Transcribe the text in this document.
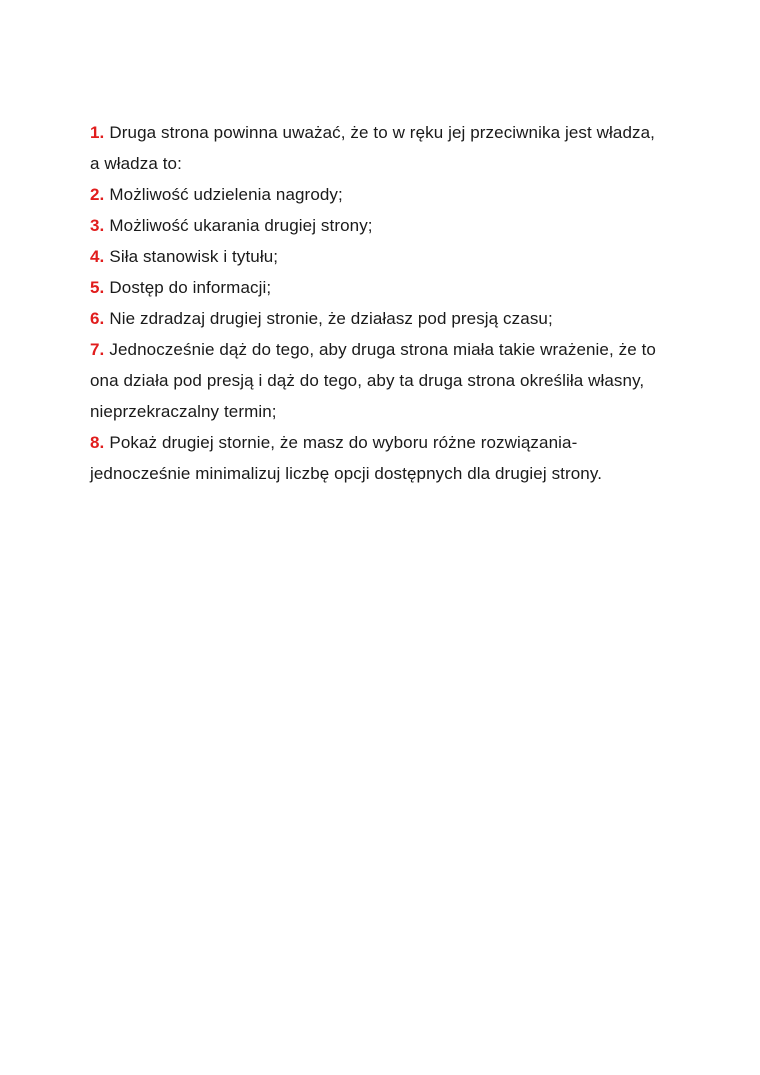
1. Druga strona powinna uważać, że to w ręku jej przeciwnika jest władza, a władza to:

2. Możliwość udzielenia nagrody;

3. Możliwość ukarania drugiej strony;

4. Siła stanowisk i tytułu;

5. Dostęp do informacji;

6. Nie zdradzaj drugiej stronie, że działasz pod presją czasu;

7. Jednocześnie dąż do tego, aby druga strona miała takie wrażenie, że to ona działa pod presją i dąż do tego, aby ta druga strona określiła własny, nieprzekraczalny termin;

8. Pokaż drugiej stornie, że masz do wyboru różne rozwiązania- jednocześnie minimalizuj liczbę opcji dostępnych dla drugiej strony.
